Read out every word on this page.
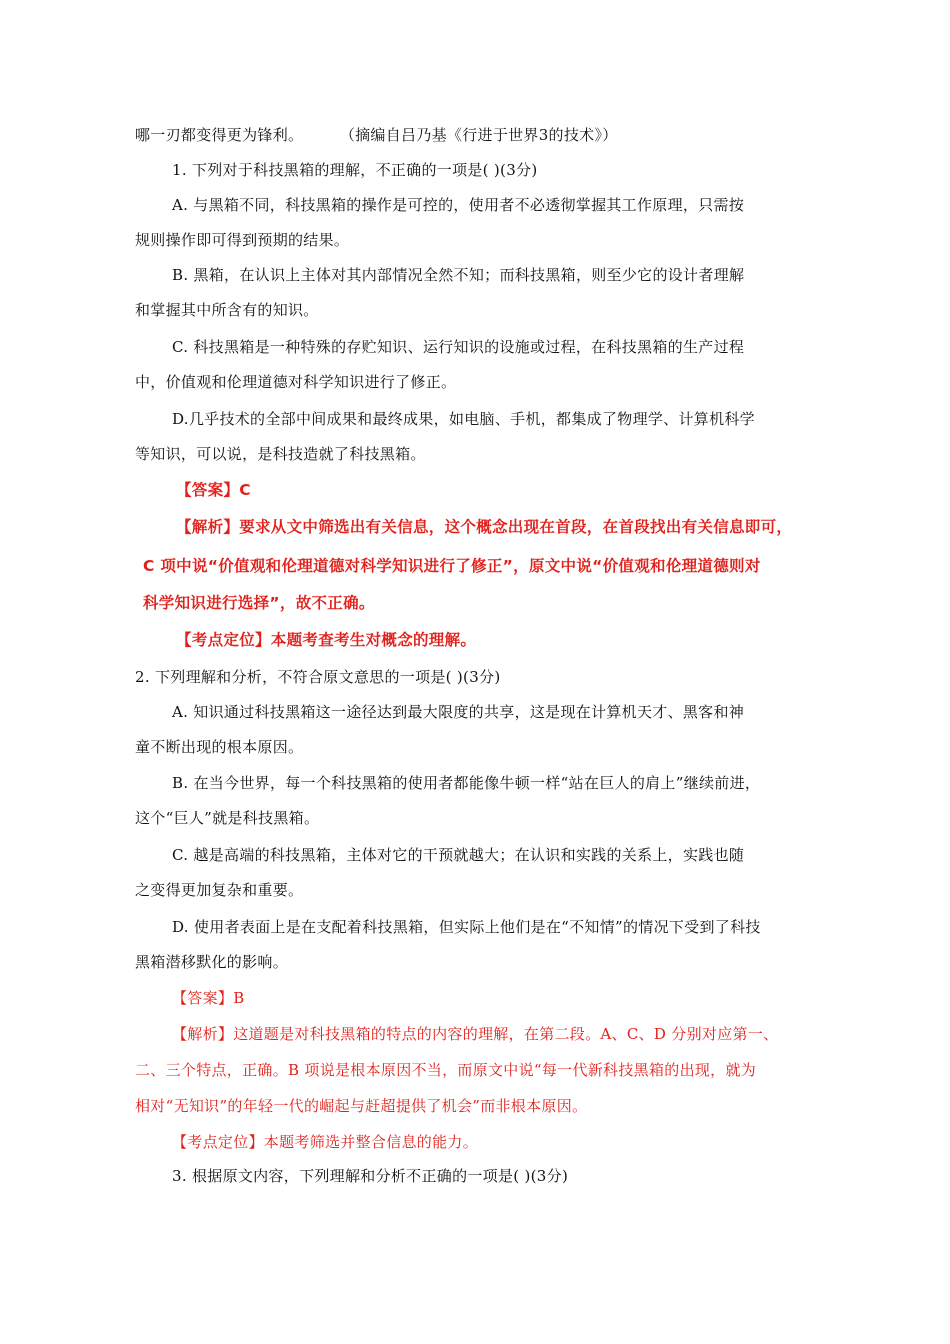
哪一刃都变得更为锋利。	（摘编自吕乃基《行进于世界3的技术》）
1. 下列对于科技黑箱的理解，不正确的一项是( )(3分)
A. 与黑箱不同，科技黑箱的操作是可控的，使用者不必透彻掌握其工作原理，只需按
规则操作即可得到预期的结果。
B. 黑箱，在认识上主体对其内部情况全然不知；而科技黑箱，则至少它的设计者理解
和掌握其中所含有的知识。
C. 科技黑箱是一种特殊的存贮知识、运行知识的设施或过程，在科技黑箱的生产过程
中，价值观和伦理道德对科学知识进行了修正。
D.几乎技术的全部中间成果和最终成果，如电脑、手机，都集成了物理学、计算机科学
等知识，可以说，是科技造就了科技黑箱。
【答案】C
【解析】要求从文中筛选出有关信息，这个概念出现在首段，在首段找出有关信息即可，
C 项中说“价值观和伦理道德对科学知识进行了修正”，原文中说“价值观和伦理道德则对
科学知识进行选择”，故不正确。
【考点定位】本题考查考生对概念的理解。
2. 下列理解和分析，不符合原文意思的一项是( )(3分)
A. 知识通过科技黑箱这一途径达到最大限度的共享，这是现在计算机天才、黑客和神
童不断出现的根本原因。
B. 在当今世界，每一个科技黑箱的使用者都能像牛顿一样“站在巨人的肩上”继续前进，
这个“巨人”就是科技黑箱。
C. 越是高端的科技黑箱，主体对它的干预就越大；在认识和实践的关系上，实践也随
之变得更加复杂和重要。
D. 使用者表面上是在支配着科技黑箱，但实际上他们是在“不知情”的情况下受到了科技
黑箱潜移默化的影响。
【答案】B
【解析】这道题是对科技黑箱的特点的内容的理解，在第二段。A、C、D 分别对应第一、
二、三个特点，正确。B 项说是根本原因不当，而原文中说“每一代新科技黑箱的出现，就为
相对“无知识”的年轻一代的崛起与赶超提供了机会”而非根本原因。
【考点定位】本题考筛选并整合信息的能力。
3. 根据原文内容，下列理解和分析不正确的一项是( )(3分)
